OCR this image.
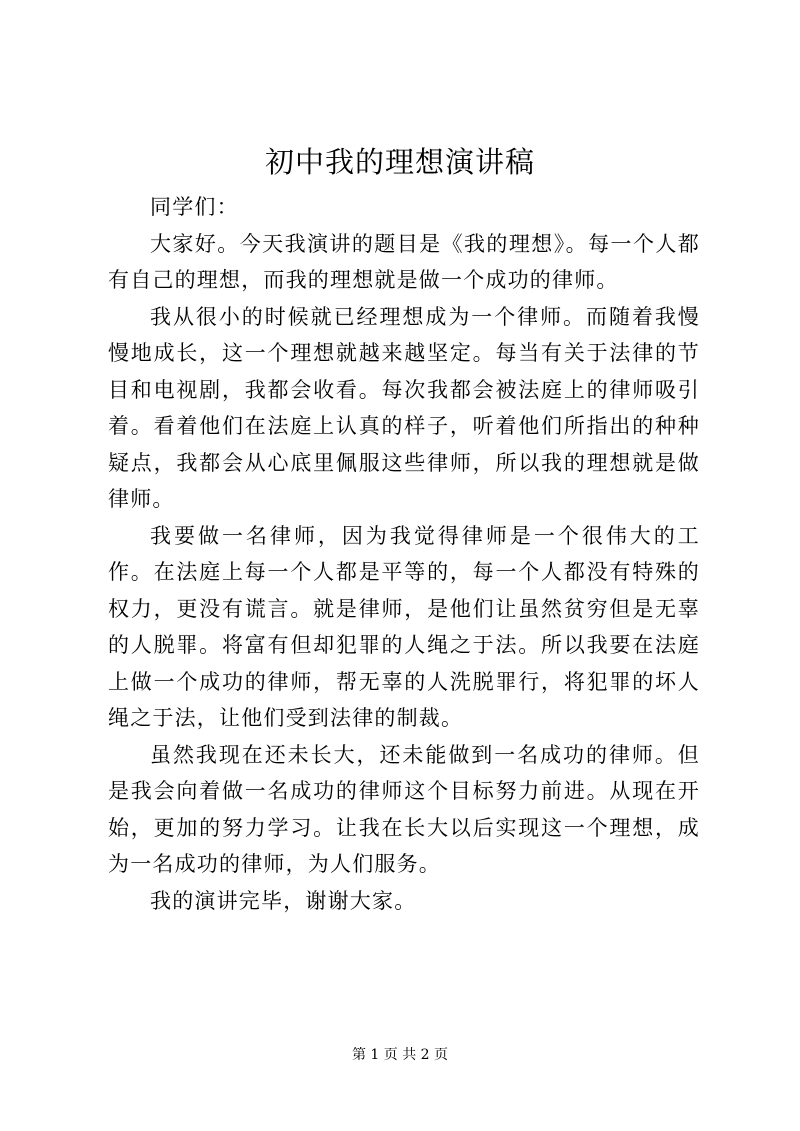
初中我的理想演讲稿

同学们：

大家好。今天我演讲的题目是《我的理想》。每一个人都有自己的理想，而我的理想就是做一个成功的律师。

我从很小的时候就已经理想成为一个律师。而随着我慢慢地成长，这一个理想就越来越坚定。每当有关于法律的节目和电视剧，我都会收看。每次我都会被法庭上的律师吸引着。看着他们在法庭上认真的样子，听着他们所指出的种种疑点，我都会从心底里佩服这些律师，所以我的理想就是做律师。

我要做一名律师，因为我觉得律师是一个很伟大的工作。在法庭上每一个人都是平等的，每一个人都没有特殊的权力，更没有谎言。就是律师，是他们让虽然贫穷但是无辜的人脱罪。将富有但却犯罪的人绳之于法。所以我要在法庭上做一个成功的律师，帮无辜的人洗脱罪行，将犯罪的坏人绳之于法，让他们受到法律的制裁。

虽然我现在还未长大，还未能做到一名成功的律师。但是我会向着做一名成功的律师这个目标努力前进。从现在开始，更加的努力学习。让我在长大以后实现这一个理想，成为一名成功的律师，为人们服务。

我的演讲完毕，谢谢大家。

第 1 页 共 2 页
